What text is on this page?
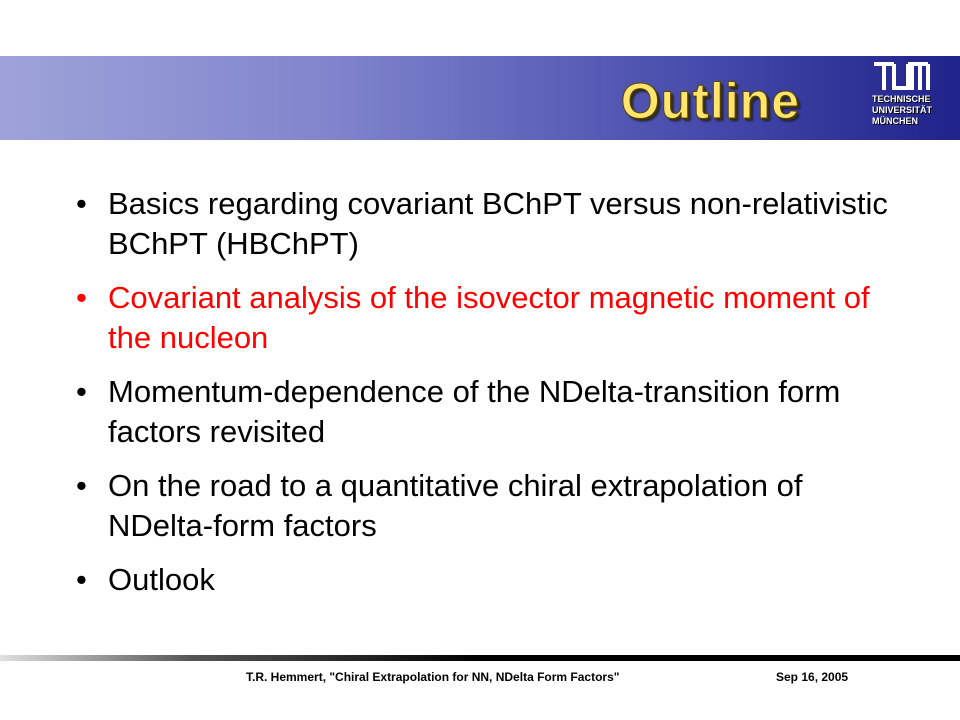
Outline	TECHNISCHE
UNIVERSITÄT
MÜNCHEN
• Basics regarding covariant BChPT versus non-relativistic BChPT (HBChPT)
• Covariant analysis of the isovector magnetic moment of the nucleon
• Momentum-dependence of the NDelta-transition form factors revisited
• On the road to a quantitative chiral extrapolation of NDelta-form factors
• Outlook
T.R. Hemmert, "Chiral Extrapolation for NN, NDelta Form Factors"	Sep 16, 2005
